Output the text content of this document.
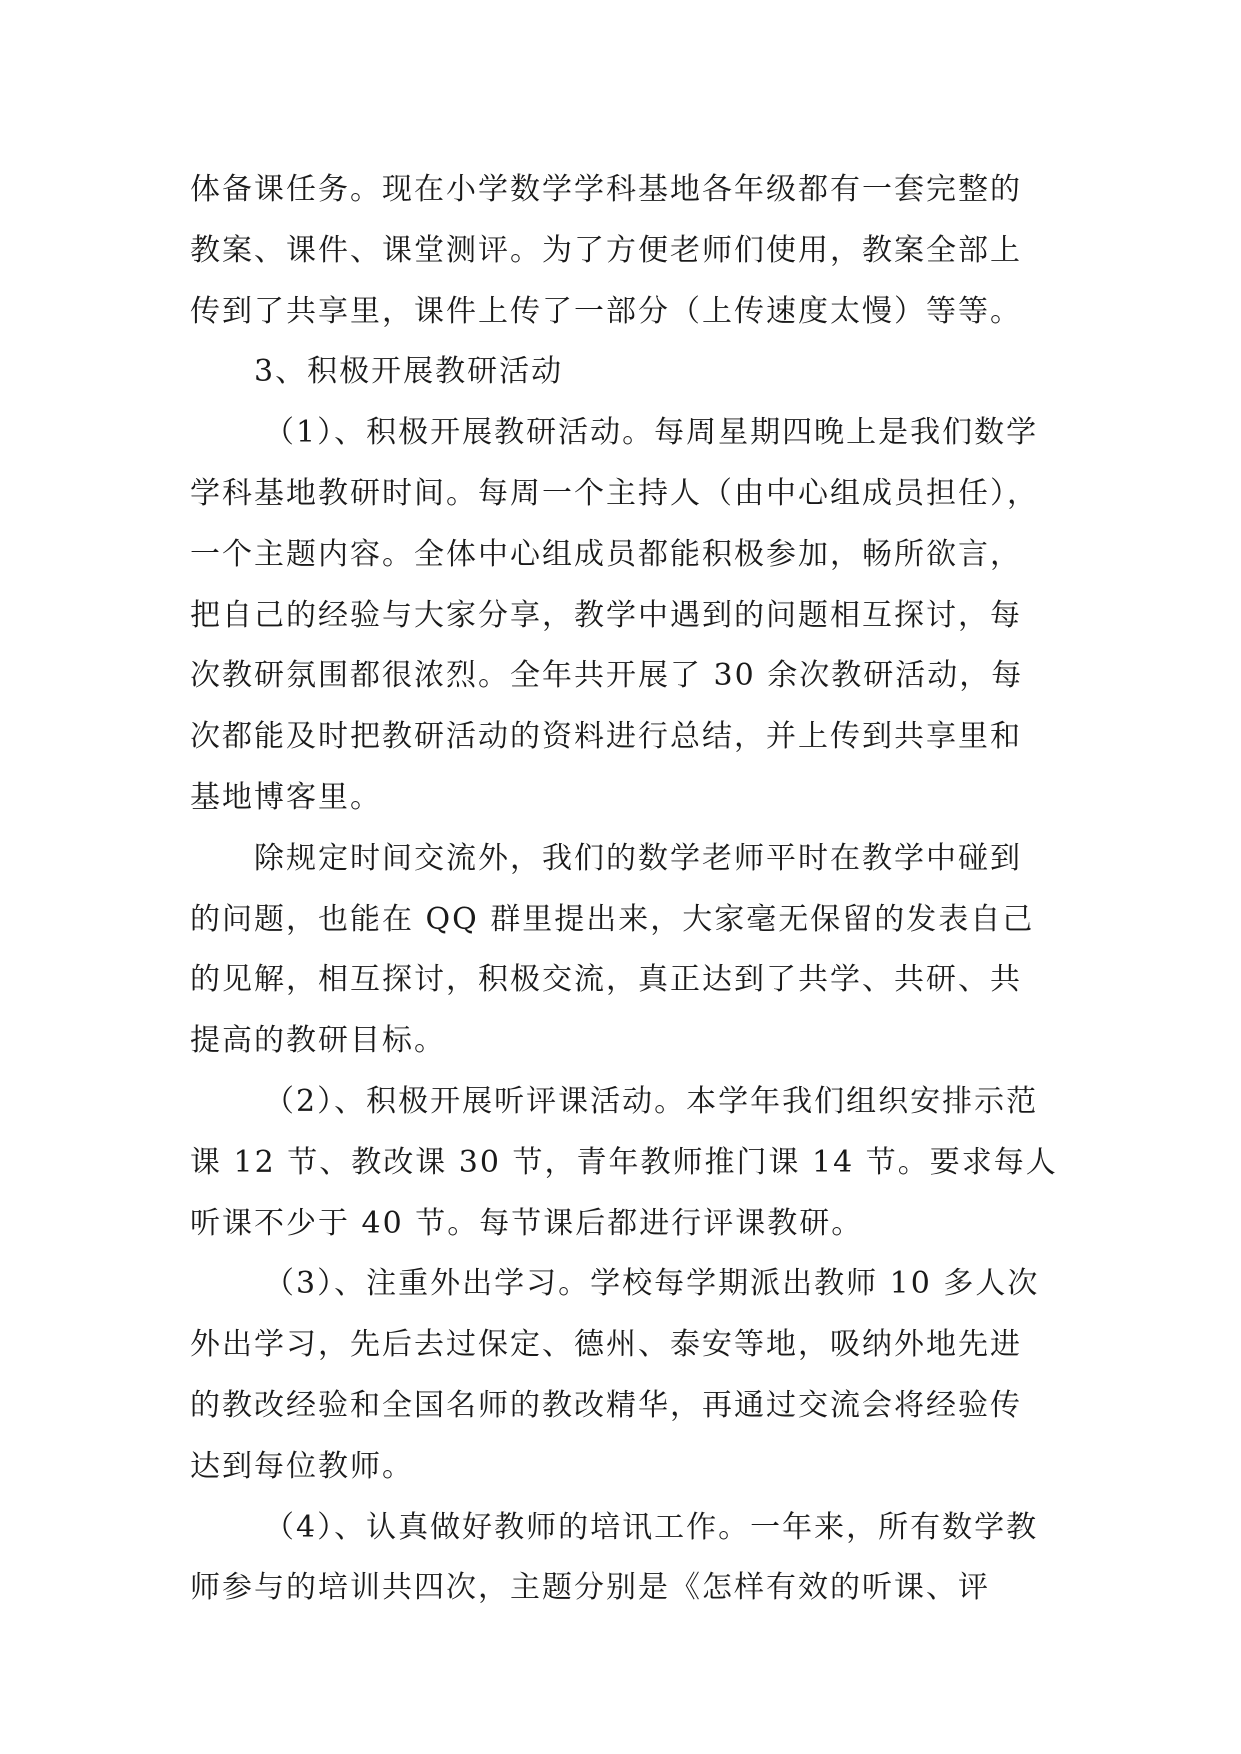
体备课任务。现在小学数学学科基地各年级都有一套完整的
教案、课件、课堂测评。为了方便老师们使用，教案全部上
传到了共享里，课件上传了一部分（上传速度太慢）等等。
3、积极开展教研活动
（1）、积极开展教研活动。每周星期四晚上是我们数学
学科基地教研时间。每周一个主持人（由中心组成员担任），
一个主题内容。全体中心组成员都能积极参加，畅所欲言，
把自己的经验与大家分享，教学中遇到的问题相互探讨，每
次教研氛围都很浓烈。全年共开展了 30 余次教研活动，每
次都能及时把教研活动的资料进行总结，并上传到共享里和
基地博客里。
除规定时间交流外，我们的数学老师平时在教学中碰到
的问题，也能在 QQ 群里提出来，大家毫无保留的发表自己
的见解，相互探讨，积极交流，真正达到了共学、共研、共
提高的教研目标。
（2）、积极开展听评课活动。本学年我们组织安排示范
课 12 节、教改课 30 节，青年教师推门课 14 节。要求每人
听课不少于 40 节。每节课后都进行评课教研。
（3）、注重外出学习。学校每学期派出教师 10 多人次
外出学习，先后去过保定、德州、泰安等地，吸纳外地先进
的教改经验和全国名师的教改精华，再通过交流会将经验传
达到每位教师。
（4）、认真做好教师的培讯工作。一年来，所有数学教
师参与的培训共四次，主题分别是《怎样有效的听课、评
